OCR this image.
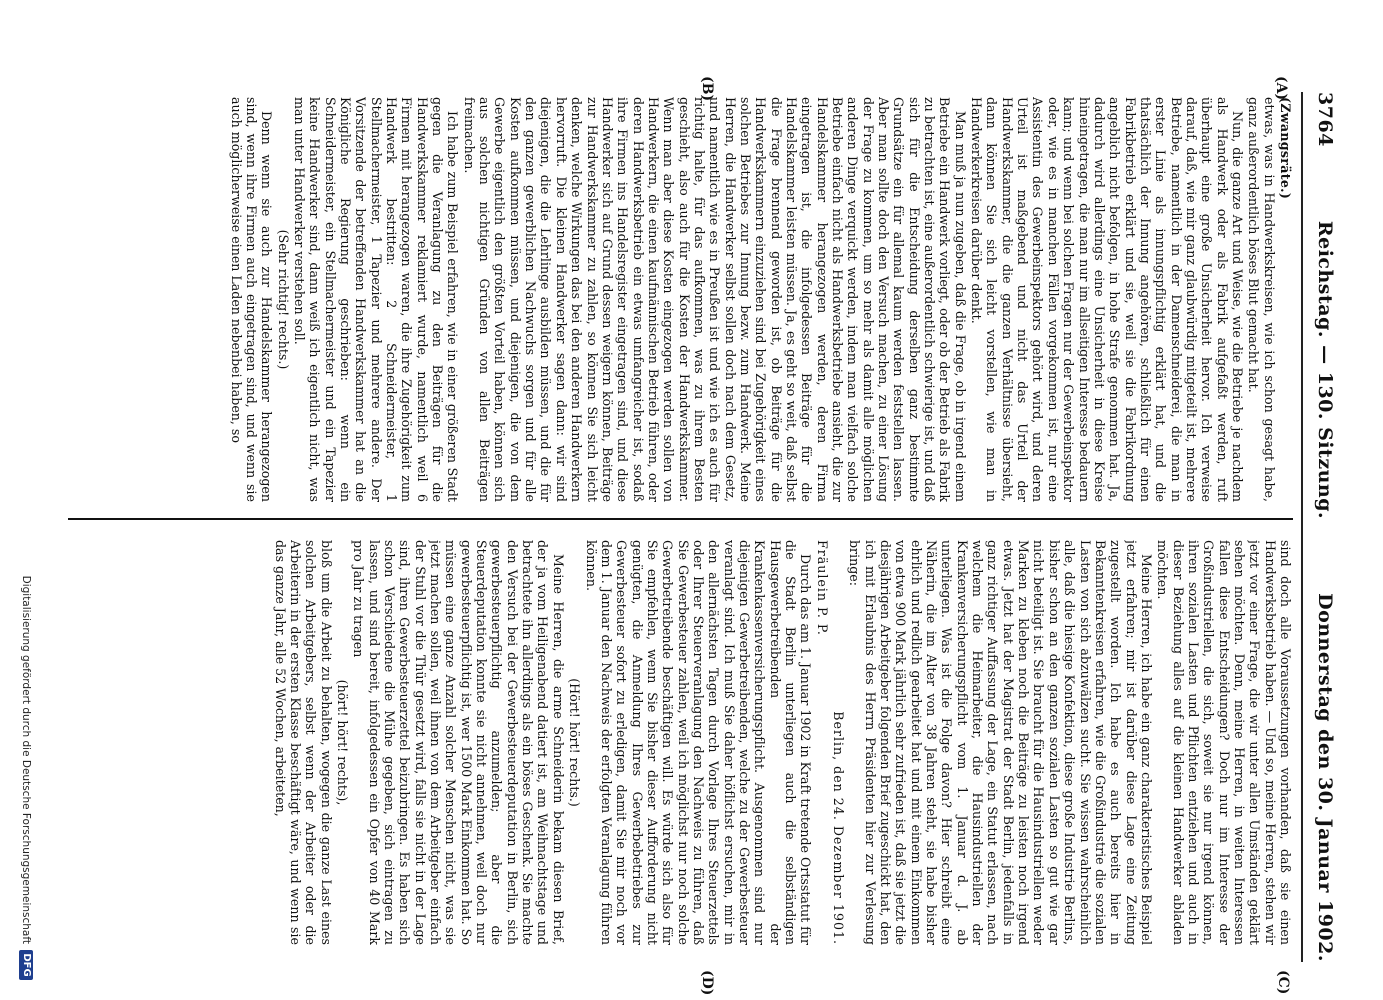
3764
Reichstag. — 130. Sitzung.
Donnerstag den 30. Januar 1902.
(A)
(B)
(C)
(D)

(Zwangsräte.)

etwas, was in Handwerkskreisen, wie ich schon gesagt habe, ganz außerordentlich böses Blut gemacht hat.

Nun, die ganze Art und Weise, wie die Betriebe je nachdem als Handwerk oder als Fabrik aufgefaßt werden, ruft überhaupt eine große Unsicherheit hervor. Ich verweise darauf, daß, wie mir ganz glaubwürdig mitgeteilt ist, mehrere Betriebe, namentlich in der Damenschneiderei, die man in erster Linie als innungspflichtig erklärt hat, und die thatsächlich der Innung angehören, schließlich für einen Fabrikbetrieb erklärt und sie, weil sie die Fabrikordnung angeblich nicht befolgen, in hohe Strafe genommen hat. Ja, dadurch wird allerdings eine Unsicherheit in diese Kreise hineingetragen, die man nur im allseitigen Interesse bedauern kann; und wenn bei solchen Fragen nur der Gewerbeinspektor oder, wie es in manchen Fällen vorgekommen ist, nur eine Assistentin des Gewerbeinspektors gehört wird, und deren Urteil ist maßgebend und nicht das Urteil der Handwerkskammer, die die ganzen Verhältnisse übersieht, dann können Sie sich leicht vorstellen, wie man in Handwerkerkreisen darüber denkt.

Man muß ja nun zugeben, daß die Frage, ob in irgend einem Betriebe ein Handwerk vorliegt, oder ob der Betrieb als Fabrik zu betrachten ist, eine außerordentlich schwierige ist, und daß sich für die Entscheidung derselben ganz bestimmte Grundsätze ein für allemal kaum werden feststellen lassen. Aber man sollte doch den Versuch machen, zu einer Lösung der Frage zu kommen, um so mehr als damit alle möglichen anderen Dinge verquickt werden, indem man vielfach solche Betriebe einfach nicht als Handwerksbetriebe ansieht, die zur Handelskammer herangezogen werden, deren Firma eingetragen ist, die infolgedessen Beiträge für die Handelskammer leisten müssen. Ja, es geht so weit, daß selbst die Frage brennend geworden ist, ob Beiträge für die Handwerkskammern einzuziehen sind bei Zugehörigkeit eines solchen Betriebes zur Innung bezw. zum Handwerk. Meine Herren, die Handwerker selbst sollen doch nach dem Gesetz, und namentlich wie es in Preußen ist und wie ich es auch für richtig halte, für das aufkommen, was zu ihrem Besten geschieht, also auch für die Kosten der Handwerkskammer. Wenn man aber diese Kosten eingezogen werden sollen von Handwerkern, die einen kaufmännischen Betrieb führen, oder deren Handwerksbetrieb ein etwas umfangreicher ist, sodaß ihre Firmen ins Handelsregister eingetragen sind, und diese Handwerker sich auf Grund dessen weigern können, Beiträge zur Handwerkskammer zu zahlen, so können Sie sich leicht denken, welche Wirkungen das bei den anderen Handwerkern hervorruft. Die kleinen Handwerker sagen dann: wir sind diejenigen, die die Lehrlinge ausbilden müssen, und die für den ganzen gewerblichen Nachwuchs sorgen und für alle Kosten aufkommen müssen, und diejenigen, die von dem Gewerbe eigentlich den größten Vorteil haben, können sich aus solchen nichtigen Gründen von allen Beiträgen freimachen.

Ich habe zum Beispiel erfahren, wie in einer größeren Stadt gegen die Veranlagung zu den Beiträgen für die Handwerkskammer reklamiert wurde, namentlich weil 6 Firmen mit herangezogen waren, die ihre Zugehörigkeit zum Handwerk bestritten: 2 Schneidermeister, 1 Stellmachermeister, 1 Tapezier und mehrere andere. Der Vorsitzende der betreffenden Handwerkskammer hat an die Königliche Regierung geschrieben: wenn ein Schneidermeister, ein Stellmachermeister und ein Tapezier keine Handwerker sind, dann weiß ich eigentlich nicht, was man unter Handwerker verstehen soll.

(Sehr richtig! rechts.)

Denn wenn sie auch zur Handelskammer herangezogen sind, wenn ihre Firmen auch eingetragen sind, und wenn sie auch möglicherweise einen Laden nebenbei haben, so

sind doch alle Voraussetzungen vorhanden, daß sie einen Handwerksbetrieb haben. — Und so, meine Herren, stehen wir jetzt vor einer Frage, die wir unter allen Umständen geklärt sehen möchten. Denn, meine Herren, in weiten Interessen fallen diese Entscheidungen? Doch nur im Interesse der Großindustriellen, die sich, soweit sie nur irgend können, ihren sozialen Lasten und Pflichten entziehen und auch in dieser Beziehung alles auf die kleinen Handwerker abladen möchten.

Meine Herren, ich habe ein ganz charakteristisches Beispiel jetzt erfahren; mir ist darüber diese Lage eine Zeitung zugestellt worden. Ich habe es auch bereits hier in Bekanntenkreisen erfahren, wie die Großindustrie die sozialen Lasten von sich abzuwälzen sucht. Sie wissen wahrscheinlich alle, daß die hiesige Konfektion, diese große Industrie Berlins, bisher schon an den ganzen sozialen Lasten so gut wie gar nicht beteiligt ist. Sie braucht für die Hausindustriellen weder Marken zu kleben noch die Beiträge zu leisten noch irgend etwas. Jetzt hat der Magistrat der Stadt Berlin, jedenfalls in ganz richtiger Auffassung der Lage, ein Statut erlassen, nach welchem die Heimarbeiter, die Hausindustriellen der Krankenversicherungspflicht vom 1. Januar d. J. ab unterliegen. Was ist die Folge davon? Hier schreibt eine Näherin, die im Alter von 38 Jahren steht, sie habe bisher ehrlich und redlich gearbeitet hat und mit einem Einkommen von etwa 900 Mark jährlich sehr zufrieden ist, daß sie jetzt die diesjährigen Arbeitgeber folgenden Brief zugeschickt hat, den ich mit Erlaubnis des Herrn Präsidenten hier zur Verlesung bringe:

Berlin, den 24. Dezember 1901.

Fräulein P. P.

Durch das am 1. Januar 1902 in Kraft tretende Ortsstatut für die Stadt Berlin unterliegen auch die selbständigen Hausgewerbetreibenden der Krankenkassenversicherungspflicht. Ausgenommen sind nur diejenigen Gewerbetreibenden, welche zu der Gewerbesteuer veranlagt sind. Ich muß Sie daher höflichst ersuchen, mir in den allernächsten Tagen durch Vorlage Ihres Steuerzettels oder Ihrer Steuerveranlagung den Nachweis zu führen, daß Sie Gewerbesteuer zahlen, weil ich möglichst nur noch solche Gewerbetreibende beschäftigen will. Es würde sich also für Sie empfehlen, wenn Sie bisher dieser Aufforderung nicht genügten, die Anmeldung Ihres Gewerbebetriebes zur Gewerbesteuer sofort zu erledigen, damit Sie mir noch vor dem 1. Januar den Nachweis der erfolgten Veranlagung führen können.

(Hört! hört! rechts.)

Meine Herren, die arme Schneiderin bekam diesen Brief, der ja vom Heiligenabend datiert ist, am Weihnachtstage und betrachtete ihn allerdings als ein böses Geschenk. Sie machte den Versuch bei der Gewerbesteuerdeputation in Berlin, sich gewerbesteuerpflichtig anzumelden; aber die Steuerdeputation konnte sie nicht annehmen, weil doch nur gewerbesteuerpflichtig ist, wer 1500 Mark Einkommen hat. So müssen eine ganze Anzahl solcher Menschen nicht, was sie jetzt machen sollen, weil ihnen von dem Arbeitgeber einfach der Stuhl vor die Thür gesetzt wird, falls sie nicht in der Lage sind, ihren Gewerbesteuerzettel beizubringen. Es haben sich schon Verschiedene die Mühe gegeben, sich eintragen zu lassen, und sind bereit, infolgedessen ein Opfer von 40 Mark pro Jahr zu tragen

(hört! hört! rechts),

bloß um die Arbeit zu behalten, wogegen die ganze Last eines solchen Arbeitgebers, selbst wenn der Arbeiter oder die Arbeiterin in der ersten Klasse beschäftigt wäre, und wenn sie das ganze Jahr, alle 52 Wochen, arbeiteten,

Digitalisierung gefördert durch die Deutsche Forschungsgemeinschaft
DFG
